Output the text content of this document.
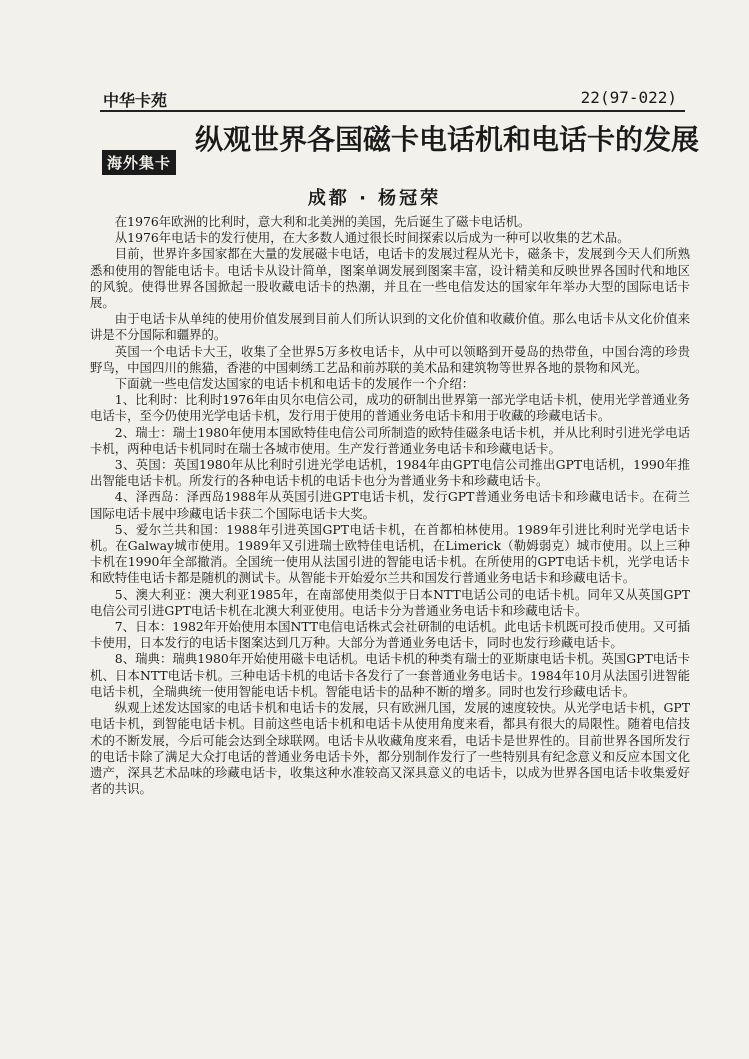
中华卡苑	22(97-022)
海外集卡
纵观世界各国磁卡电话机和电话卡的发展
成都 · 杨冠荣

在1976年欧洲的比利时，意大利和北美洲的美国，先后诞生了磁卡电话机。

从1976年电话卡的发行使用，在大多数人通过很长时间探索以后成为一种可以收集的艺术品。

目前，世界许多国家都在大量的发展磁卡电话，电话卡的发展过程从光卡，磁条卡，发展到今天人们所熟悉和使用的智能电话卡。电话卡从设计简单，图案单调发展到图案丰富，设计精美和反映世界各国时代和地区的风貌。使得世界各国掀起一股收藏电话卡的热潮，并且在一些电信发达的国家年年举办大型的国际电话卡展。

由于电话卡从单纯的使用价值发展到目前人们所认识到的文化价值和收藏价值。那么电话卡从文化价值来讲是不分国际和疆界的。

英国一个电话卡大王，收集了全世界5万多枚电话卡，从中可以领略到开曼岛的热带鱼，中国台湾的珍贵野鸟，中国四川的熊猫，香港的中国刺绣工艺品和前苏联的美术品和建筑物等世界各地的景物和风光。

下面就一些电信发达国家的电话卡机和电话卡的发展作一个介绍：

1、比利时：比利时1976年由贝尔电信公司，成功的研制出世界第一部光学电话卡机，使用光学普通业务电话卡，至今仍使用光学电话卡机，发行用于使用的普通业务电话卡和用于收藏的珍藏电话卡。

2、瑞士：瑞士1980年使用本国欧特佳电信公司所制造的欧特佳磁条电话卡机，并从比利时引进光学电话卡机，两种电话卡机同时在瑞士各城市使用。生产发行普通业务电话卡和珍藏电话卡。

3、英国：英国1980年从比利时引进光学电话机，1984年由GPT电信公司推出GPT电话机，1990年推出智能电话卡机。所发行的各种电话卡机的电话卡也分为普通业务卡和珍藏电话卡。

4、泽西岛：泽西岛1988年从英国引进GPT电话卡机，发行GPT普通业务电话卡和珍藏电话卡。在荷兰国际电话卡展中珍藏电话卡获二个国际电话卡大奖。

5、爱尔兰共和国：1988年引进英国GPT电话卡机，在首都柏林使用。1989年引进比利时光学电话卡机。在Galway城市使用。1989年又引进瑞士欧特佳电话机，在Limerick（勒姆弱克）城市使用。以上三种卡机在1990年全部撤消。全国统一使用从法国引进的智能电话卡机。在所使用的GPT电话卡机，光学电话卡和欧特佳电话卡都是随机的测试卡。从智能卡开始爱尔兰共和国发行普通业务电话卡和珍藏电话卡。

5、澳大利亚：澳大利亚1985年，在南部使用类似于日本NTT电话公司的电话卡机。同年又从英国GPT电信公司引进GPT电话卡机在北澳大利亚使用。电话卡分为普通业务电话卡和珍藏电话卡。

7、日本：1982年开始使用本国NTT电信电话株式会社研制的电话机。此电话卡机既可投币使用。又可插卡使用，日本发行的电话卡图案达到几万种。大部分为普通业务电话卡，同时也发行珍藏电话卡。

8、瑞典：瑞典1980年开始使用磁卡电话机。电话卡机的种类有瑞士的亚斯康电话卡机。英国GPT电话卡机、日本NTT电话卡机。三种电话卡机的电话卡各发行了一套普通业务电话卡。1984年10月从法国引进智能电话卡机，全瑞典统一使用智能电话卡机。智能电话卡的品种不断的增多。同时也发行珍藏电话卡。

纵观上述发达国家的电话卡机和电话卡的发展，只有欧洲几国，发展的速度较快。从光学电话卡机，GPT电话卡机，到智能电话卡机。目前这些电话卡机和电话卡从使用角度来看，都具有很大的局限性。随着电信技术的不断发展，今后可能会达到全球联网。电话卡从收藏角度来看，电话卡是世界性的。目前世界各国所发行的电话卡除了满足大众打电话的普通业务电话卡外，都分别制作发行了一些特别具有纪念意义和反应本国文化遗产，深具艺术品味的珍藏电话卡，收集这种水准较高又深具意义的电话卡，以成为世界各国电话卡收集爱好者的共识。
